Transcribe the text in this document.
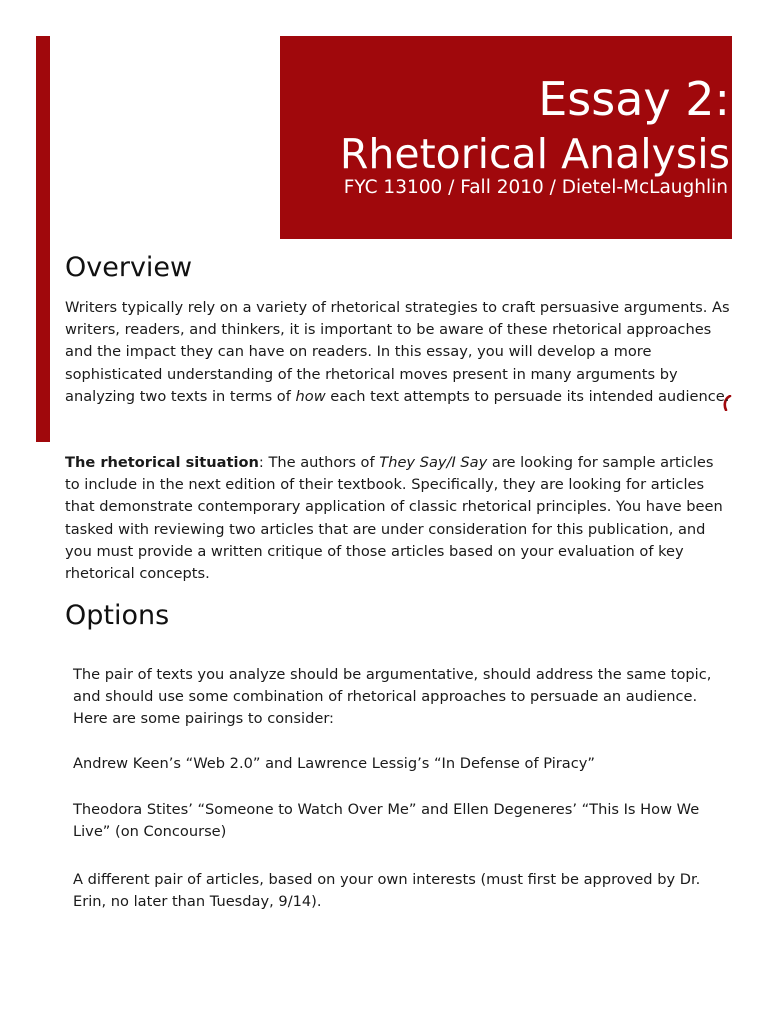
Essay 2:
Rhetorical Analysis
FYC 13100 / Fall 2010 / Dietel-McLaughlin
Overview

Writers typically rely on a variety of rhetorical strategies to craft persuasive arguments. As writers, readers, and thinkers, it is important to be aware of these rhetorical approaches and the impact they can have on readers. In this essay, you will develop a more sophisticated understanding of the rhetorical moves present in many arguments by analyzing two texts in terms of how each text attempts to persuade its intended audience.

The rhetorical situation: The authors of They Say/I Say are looking for sample articles to include in the next edition of their textbook. Specifically, they are looking for articles that demonstrate contemporary application of classic rhetorical principles. You have been tasked with reviewing two articles that are under consideration for this publication, and you must provide a written critique of those articles based on your evaluation of key rhetorical concepts.

Options

The pair of texts you analyze should be argumentative, should address the same topic, and should use some combination of rhetorical approaches to persuade an audience. Here are some pairings to consider:

Andrew Keen’s “Web 2.0” and Lawrence Lessig’s “In Defense of Piracy”

Theodora Stites’ “Someone to Watch Over Me” and Ellen Degeneres’ “This Is How We Live” (on Concourse)

A different pair of articles, based on your own interests (must first be approved by Dr. Erin, no later than Tuesday, 9/14).
